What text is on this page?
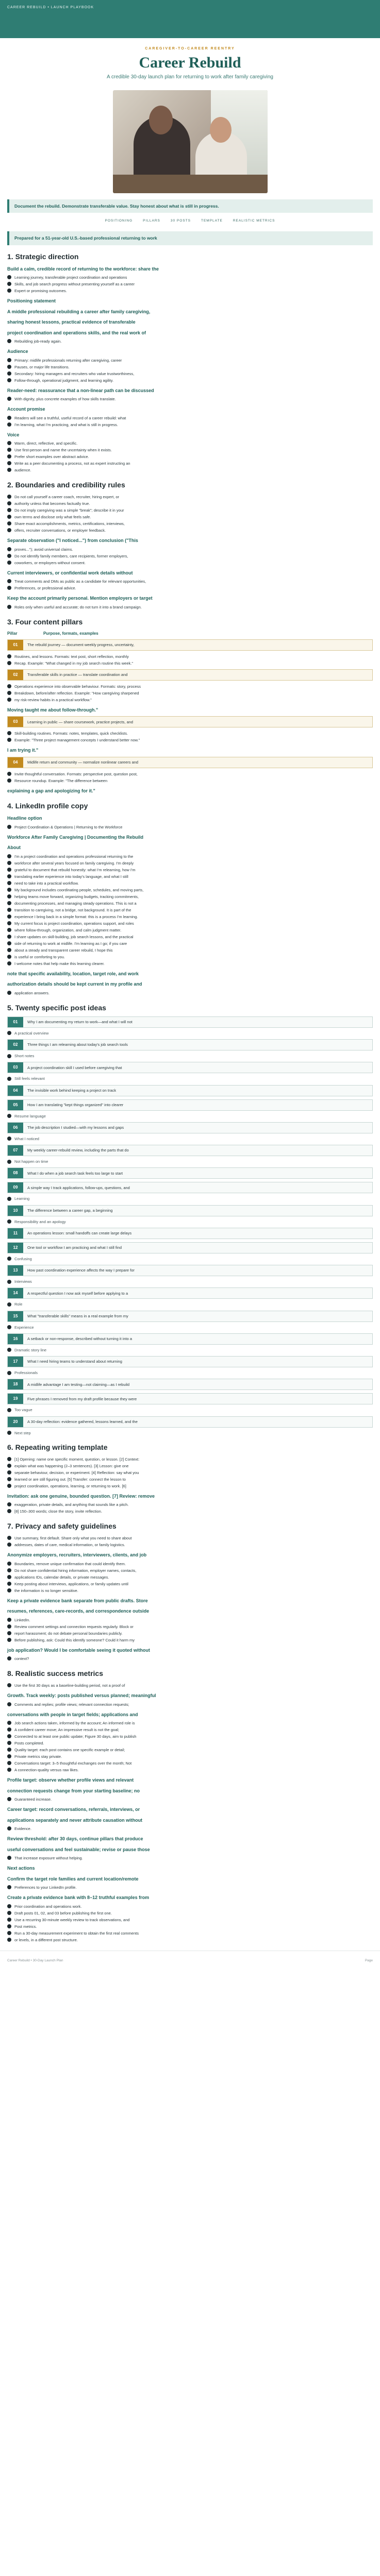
CAREER REBUILD • LAUNCH PLAYBOOK
CAREGIVER-TO-CAREER REENTRY
Career Rebuild
A credible 30-day launch plan for returning to work after family caregiving
Document the rebuild. Demonstrate transferable value. Stay honest about what is still in progress.
POSITIONING	PILLARS	30 POSTS	TEMPLATE	REALISTIC METRICS
Prepared for a 51-year-old U.S.-based professional returning to work
1. Strategic direction
Build a calm, credible record of returning to the workforce: share the
Learning journey, transferable project coordination and operations
Skills, and job search progress without presenting yourself as a career
Expert or promising outcomes.
Positioning statement
A middle professional rebuilding a career after family caregiving,
sharing honest lessons, practical evidence of transferable
project coordination and operations skills, and the real work of
Rebuilding job-ready again.
Audience
Primary: midlife professionals returning after caregiving, career
Pauses, or major life transitions.
Secondary: hiring managers and recruiters who value trustworthiness,
Follow-through, operational judgment, and learning agility.
Reader-need: reassurance that a non-linear path can be discussed
With dignity, plus concrete examples of how skills translate.
Account promise
Readers will see a truthful, useful record of a career rebuild: what
I'm learning, what I'm practicing, and what is still in progress.
Voice
Warm, direct, reflective, and specific.
Use first-person and name the uncertainty when it exists.
Prefer short examples over abstract advice.
Write as a peer documenting a process, not as expert instructing an
audience.
2. Boundaries and credibility rules
Do not call yourself a career coach, recruiter, hiring expert, or
authority unless that becomes factually true.
Do not imply caregiving was a simple "break"; describe it in your
own terms and disclose only what feels safe.
Share exact accomplishments, metrics, certifications, interviews,
offers, recruiter conversations, or employer feedback.
Separate observation ("I noticed...") from conclusion ("This
proves..."); avoid universal claims.
Do not identify family members, care recipients, former employers,
coworkers, or employers without consent.
Current interviewers, or confidential work details without
Treat comments and DMs as public as a candidate for relevant opportunities,
Preferences, or professional advice.
Keep the account primarily personal. Mention employers or target
Roles only when useful and accurate; do not turn it into a brand campaign.
3. Four content pillars
Pillar	Purpose, formats, examples
01	The rebuild journey — document weekly progress, uncertainty,
Routines, and lessons. Formats: text post, short reflection, monthly
Recap. Example: "What changed in my job search routine this week."
02	Transferable skills in practice — translate coordination and
Operations experience into observable behaviour. Formats: story, process
Breakdown, before/after reflection. Example: "How caregiving sharpened
my risk-review habits in a practical workflow."
Moving taught me about follow-through."
03	Learning in public — share coursework, practice projects, and
Skill-building routines. Formats: notes, templates, quick checklists.
Example: "Three project management concepts I understand better now."
I am trying it."
04	Midlife return and community — normalize nonlinear careers and
Invite thoughtful conversation. Formats: perspective post, question post,
Resource roundup. Example: "The difference between
explaining a gap and apologizing for it."
4. LinkedIn profile copy
Headline option
Project Coordination & Operations | Returning to the Workforce
Workforce After Family Caregiving | Documenting the Rebuild
About
I'm a project coordination and operations professional returning to the
workforce after several years focused on family caregiving. I'm deeply
grateful to document that rebuild honestly: what I'm relearning, how I'm
translating earlier experience into today's language, and what I still
need to take into a practical workflow.
My background includes coordinating people, schedules, and moving parts,
helping teams move forward, organizing budgets, tracking commitments,
documenting processes, and managing steady operations. This is not a
transition to caregiving, not a bridge, not background. It is part of the
experience I bring back in a simple format: this is a process I'm learning.
My current focus is project coordination, operations support, and roles
where follow-through, organization, and calm judgment matter.
I share updates on skill-building, job search lessons, and the practical
side of returning to work at midlife. I'm learning as I go; if you care
about a steady and transparent career rebuild, I hope this
is useful or comforting to you.
I welcome notes that help make this learning clearer.
note that specific availability, location, target role, and work
authorization details should be kept current in my profile and
application answers.
5. Twenty specific post ideas
01	Why I am documenting my return to work—and what I will not
A practical overview
02	Three things I am relearning about today's job search tools
Short notes
03	A project coordination skill I used before caregiving that
Still feels relevant
04	The invisible work behind keeping a project on track
05	How I am translating "kept things organized" into clearer
Resume language
06	The job description I studied—with my lessons and gaps
What I noticed
07	My weekly career-rebuild review, including the parts that do
Not happen on time
08	What I do when a job search task feels too large to start
09	A simple way I track applications, follow-ups, questions, and
Learning
10	The difference between a career gap, a beginning
Responsibility and an apology
11	An operations lesson: small handoffs can create large delays
12	One tool or workflow I am practicing and what I still find
Confusing
13	How past coordination experience affects the way I prepare for
Interviews
14	A respectful question I now ask myself before applying to a
Role
15	What "transferable skills" means in a real example from my
Experience
16	A setback or non-response, described without turning it into a
Dramatic story line
17	What I need hiring teams to understand about returning
Professionals
18	A midlife advantage I am testing—not claiming—as I rebuild
19	Five phrases I removed from my draft profile because they were
Too vague
20	A 30-day reflection: evidence gathered, lessons learned, and the
Next step
6. Repeating writing template
[1] Opening: name one specific moment, question, or lesson. [2] Context:
explain what was happening (2–3 sentences). [3] Lesson: give one
separate behaviour, decision, or experiment. [4] Reflection: say what you
learned or are still figuring out. [5] Transfer: connect the lesson to
project coordination, operations, learning, or returning to work. [6]
Invitation: ask one genuine, bounded question. [7] Review: remove
exaggeration, private details, and anything that sounds like a pitch.
[8] 150–300 words; close the story, invite reflection.
7. Privacy and safety guidelines
Use summary, first default. Share only what you need to share about
addresses, dates of care, medical information, or family logistics.
Anonymize employers, recruiters, interviewers, clients, and job
Boundaries, remove unique confirmation that could identify them.
Do not share confidential hiring information, employer names, contacts,
applications IDs, calendar details, or private messages.
Keep posting about interviews, applications, or family updates until
the information is no longer sensitive.
Keep a private evidence bank separate from public drafts. Store
resumes, references, care-records, and correspondence outside
LinkedIn.
Review comment settings and connection requests regularly. Block or
report harassment; do not debate personal boundaries publicly.
Before publishing, ask: Could this identify someone? Could it harm my
job application? Would I be comfortable seeing it quoted without
context?
8. Realistic success metrics
Use the first 30 days as a baseline-building period, not a proof of
Growth. Track weekly: posts published versus planned; meaningful
Comments and replies; profile views; relevant connection requests;
conversations with people in target fields; applications and
Job search actions taken, informed by the account; An informed role is
A confident career move; An impressive result is not the goal;
Connected to at least one public update; Figure 30 days, aim to publish
Posts completed.
Quality target: each post contains one specific example or detail;
Private metrics stay private.
Conversations target: 3–5 thoughtful exchanges over the month; Not
A connection-quality versus raw likes.
Profile target: observe whether profile views and relevant
connection requests change from your starting baseline; no
Guaranteed increase.
Career target: record conversations, referrals, interviews, or
applications separately and never attribute causation without
Evidence.
Review threshold: after 30 days, continue pillars that produce
useful conversations and feel sustainable; revise or pause those
That increase exposure without helping.
Next actions
Confirm the target role families and current location/remote
Preferences to your LinkedIn profile.
Create a private evidence bank with 8–12 truthful examples from
Prior coordination and operations work.
Draft posts 01, 02, and 03 before publishing the first one.
Use a recurring 30-minute weekly review to track observations, and
Post metrics.
Run a 30-day measurement experiment to obtain the first real comments
or levels, in a different post structure.
Career Rebuild • 30-Day Launch Plan	Page
